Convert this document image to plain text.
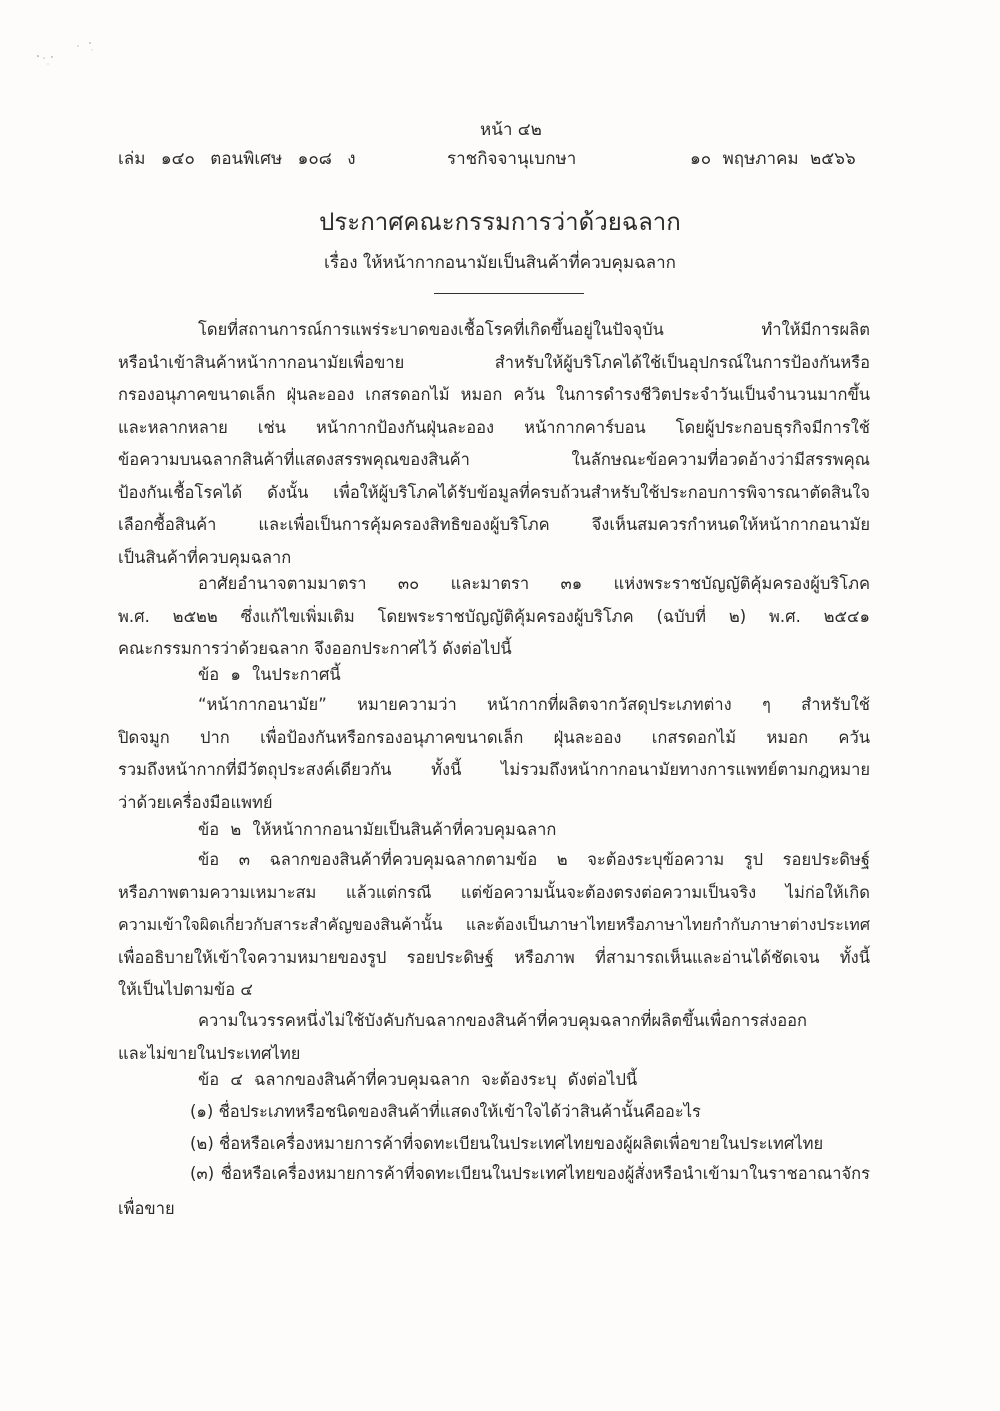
หน้า ๔๒
เล่ม ๑๔๐ ตอนพิเศษ ๑๐๘ ง	ราชกิจจานุเบกษา	๑๐ พฤษภาคม ๒๕๖๖
ประกาศคณะกรรมการว่าด้วยฉลาก
เรื่อง ให้หน้ากากอนามัยเป็นสินค้าที่ควบคุมฉลาก
โดยที่สถานการณ์การแพร่ระบาดของเชื้อโรคที่เกิดขึ้นอยู่ในปัจจุบัน ทำให้มีการผลิต
หรือนำเข้าสินค้าหน้ากากอนามัยเพื่อขาย สำหรับให้ผู้บริโภคได้ใช้เป็นอุปกรณ์ในการป้องกันหรือ
กรองอนุภาคขนาดเล็ก ฝุ่นละออง เกสรดอกไม้ หมอก ควัน ในการดำรงชีวิตประจำวันเป็นจำนวนมากขึ้น
และหลากหลาย เช่น หน้ากากป้องกันฝุ่นละออง หน้ากากคาร์บอน โดยผู้ประกอบธุรกิจมีการใช้
ข้อความบนฉลากสินค้าที่แสดงสรรพคุณของสินค้า ในลักษณะข้อความที่อวดอ้างว่ามีสรรพคุณ
ป้องกันเชื้อโรคได้ ดังนั้น เพื่อให้ผู้บริโภคได้รับข้อมูลที่ครบถ้วนสำหรับใช้ประกอบการพิจารณาตัดสินใจ
เลือกซื้อสินค้า และเพื่อเป็นการคุ้มครองสิทธิของผู้บริโภค จึงเห็นสมควรกำหนดให้หน้ากากอนามัย
เป็นสินค้าที่ควบคุมฉลาก
อาศัยอำนาจตามมาตรา ๓๐ และมาตรา ๓๑ แห่งพระราชบัญญัติคุ้มครองผู้บริโภค
พ.ศ. ๒๕๒๒ ซึ่งแก้ไขเพิ่มเติม โดยพระราชบัญญัติคุ้มครองผู้บริโภค (ฉบับที่ ๒) พ.ศ. ๒๕๔๑
คณะกรรมการว่าด้วยฉลาก จึงออกประกาศไว้ ดังต่อไปนี้
ข้อ ๑ ในประกาศนี้
“หน้ากากอนามัย” หมายความว่า หน้ากากที่ผลิตจากวัสดุประเภทต่าง ๆ สำหรับใช้
ปิดจมูก ปาก เพื่อป้องกันหรือกรองอนุภาคขนาดเล็ก ฝุ่นละออง เกสรดอกไม้ หมอก ควัน
รวมถึงหน้ากากที่มีวัตถุประสงค์เดียวกัน ทั้งนี้ ไม่รวมถึงหน้ากากอนามัยทางการแพทย์ตามกฎหมาย
ว่าด้วยเครื่องมือแพทย์
ข้อ ๒ ให้หน้ากากอนามัยเป็นสินค้าที่ควบคุมฉลาก
ข้อ ๓ ฉลากของสินค้าที่ควบคุมฉลากตามข้อ ๒ จะต้องระบุข้อความ รูป รอยประดิษฐ์
หรือภาพตามความเหมาะสม แล้วแต่กรณี แต่ข้อความนั้นจะต้องตรงต่อความเป็นจริง ไม่ก่อให้เกิด
ความเข้าใจผิดเกี่ยวกับสาระสำคัญของสินค้านั้น และต้องเป็นภาษาไทยหรือภาษาไทยกำกับภาษาต่างประเทศ
เพื่ออธิบายให้เข้าใจความหมายของรูป รอยประดิษฐ์ หรือภาพ ที่สามารถเห็นและอ่านได้ชัดเจน ทั้งนี้
ให้เป็นไปตามข้อ ๔
ความในวรรคหนึ่งไม่ใช้บังคับกับฉลากของสินค้าที่ควบคุมฉลากที่ผลิตขึ้นเพื่อการส่งออก
และไม่ขายในประเทศไทย
ข้อ ๔ ฉลากของสินค้าที่ควบคุมฉลาก จะต้องระบุ ดังต่อไปนี้
(๑) ชื่อประเภทหรือชนิดของสินค้าที่แสดงให้เข้าใจได้ว่าสินค้านั้นคืออะไร
(๒) ชื่อหรือเครื่องหมายการค้าที่จดทะเบียนในประเทศไทยของผู้ผลิตเพื่อขายในประเทศไทย
(๓) ชื่อหรือเครื่องหมายการค้าที่จดทะเบียนในประเทศไทยของผู้สั่งหรือนำเข้ามาในราชอาณาจักร
เพื่อขาย
